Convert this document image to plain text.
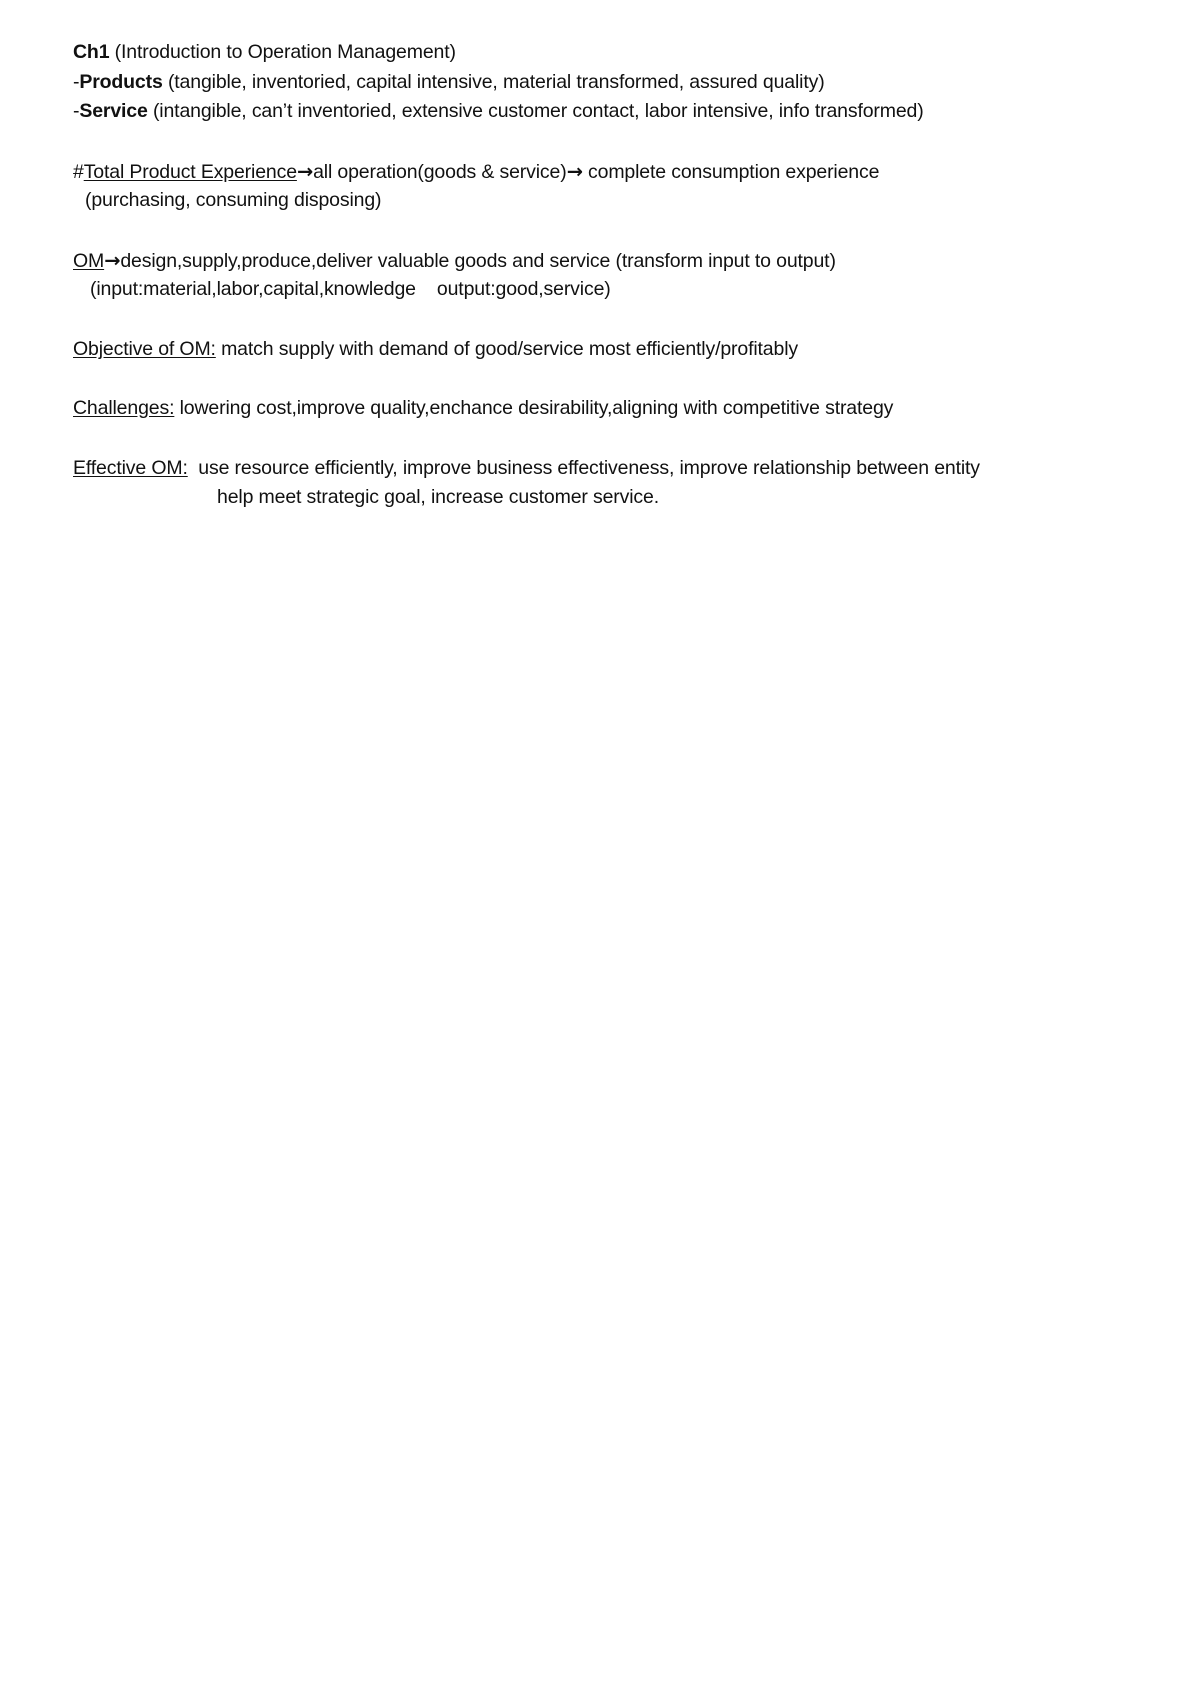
Ch1 (Introduction to Operation Management)
-Products (tangible, inventoried, capital intensive, material transformed, assured quality)
-Service (intangible, can’t inventoried, extensive customer contact, labor intensive, info transformed)
#Total Product Experience→all operation(goods & service)→ complete consumption experience
(purchasing, consuming disposing)
OM→design,supply,produce,deliver valuable goods and service (transform input to output)
(input:material,labor,capital,knowledge    output:good,service)
Objective of OM: match supply with demand of good/service most efficiently/profitably
Challenges: lowering cost,improve quality,enchance desirability,aligning with competitive strategy
Effective OM:  use resource efficiently, improve business effectiveness, improve relationship between entity
help meet strategic goal, increase customer service.
